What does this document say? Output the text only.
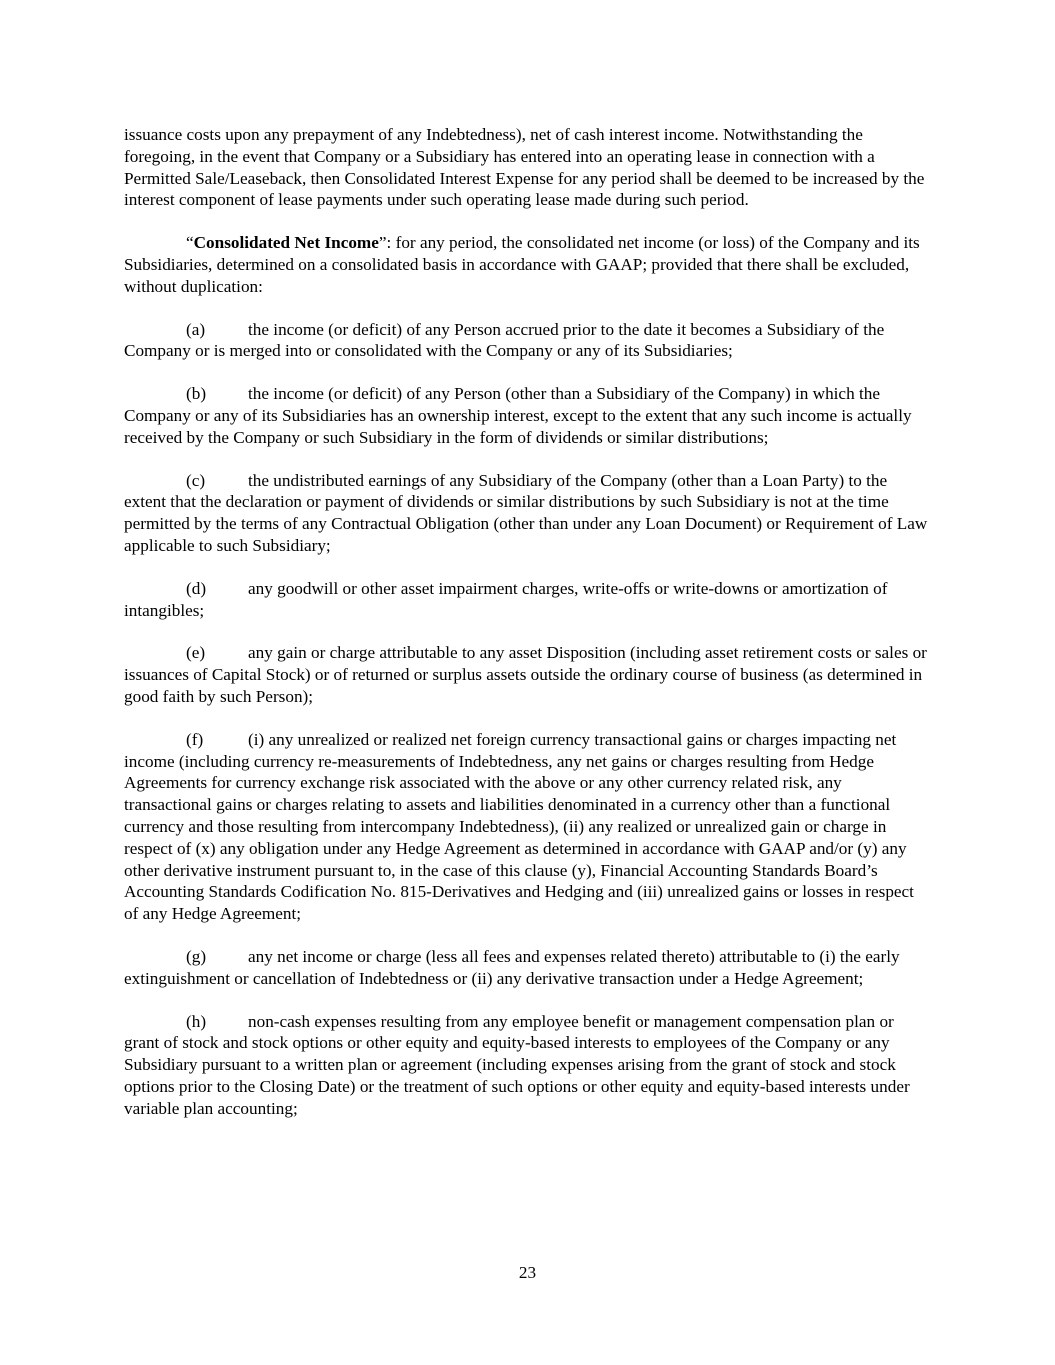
issuance costs upon any prepayment of any Indebtedness), net of cash interest income. Notwithstanding the foregoing, in the event that Company or a Subsidiary has entered into an operating lease in connection with a Permitted Sale/Leaseback, then Consolidated Interest Expense for any period shall be deemed to be increased by the interest component of lease payments under such operating lease made during such period.

“Consolidated Net Income”: for any period, the consolidated net income (or loss) of the Company and its Subsidiaries, determined on a consolidated basis in accordance with GAAP; provided that there shall be excluded, without duplication:

(a) the income (or deficit) of any Person accrued prior to the date it becomes a Subsidiary of the Company or is merged into or consolidated with the Company or any of its Subsidiaries;

(b) the income (or deficit) of any Person (other than a Subsidiary of the Company) in which the Company or any of its Subsidiaries has an ownership interest, except to the extent that any such income is actually received by the Company or such Subsidiary in the form of dividends or similar distributions;

(c) the undistributed earnings of any Subsidiary of the Company (other than a Loan Party) to the extent that the declaration or payment of dividends or similar distributions by such Subsidiary is not at the time permitted by the terms of any Contractual Obligation (other than under any Loan Document) or Requirement of Law applicable to such Subsidiary;

(d) any goodwill or other asset impairment charges, write-offs or write-downs or amortization of intangibles;

(e) any gain or charge attributable to any asset Disposition (including asset retirement costs or sales or issuances of Capital Stock) or of returned or surplus assets outside the ordinary course of business (as determined in good faith by such Person);

(f)	(i) any unrealized or realized net foreign currency transactional gains or charges impacting net income (including currency re-measurements of Indebtedness, any net gains or charges resulting from Hedge Agreements for currency exchange risk associated with the above or any other currency related risk, any transactional gains or charges relating to assets and liabilities denominated in a currency other than a functional currency and those resulting from intercompany Indebtedness), (ii) any realized or unrealized gain or charge in respect of (x) any obligation under any Hedge Agreement as determined in accordance with GAAP and/or (y) any other derivative instrument pursuant to, in the case of this clause (y), Financial Accounting Standards Board’s Accounting Standards Codification No. 815-Derivatives and Hedging and (iii) unrealized gains or losses in respect of any Hedge Agreement;

(g) any net income or charge (less all fees and expenses related thereto) attributable to (i) the early extinguishment or cancellation of Indebtedness or (ii) any derivative transaction under a Hedge Agreement;

(h) non-cash expenses resulting from any employee benefit or management compensation plan or grant of stock and stock options or other equity and equity-based interests to employees of the Company or any Subsidiary pursuant to a written plan or agreement (including expenses arising from the grant of stock and stock options prior to the Closing Date) or the treatment of such options or other equity and equity-based interests under variable plan accounting;

23
